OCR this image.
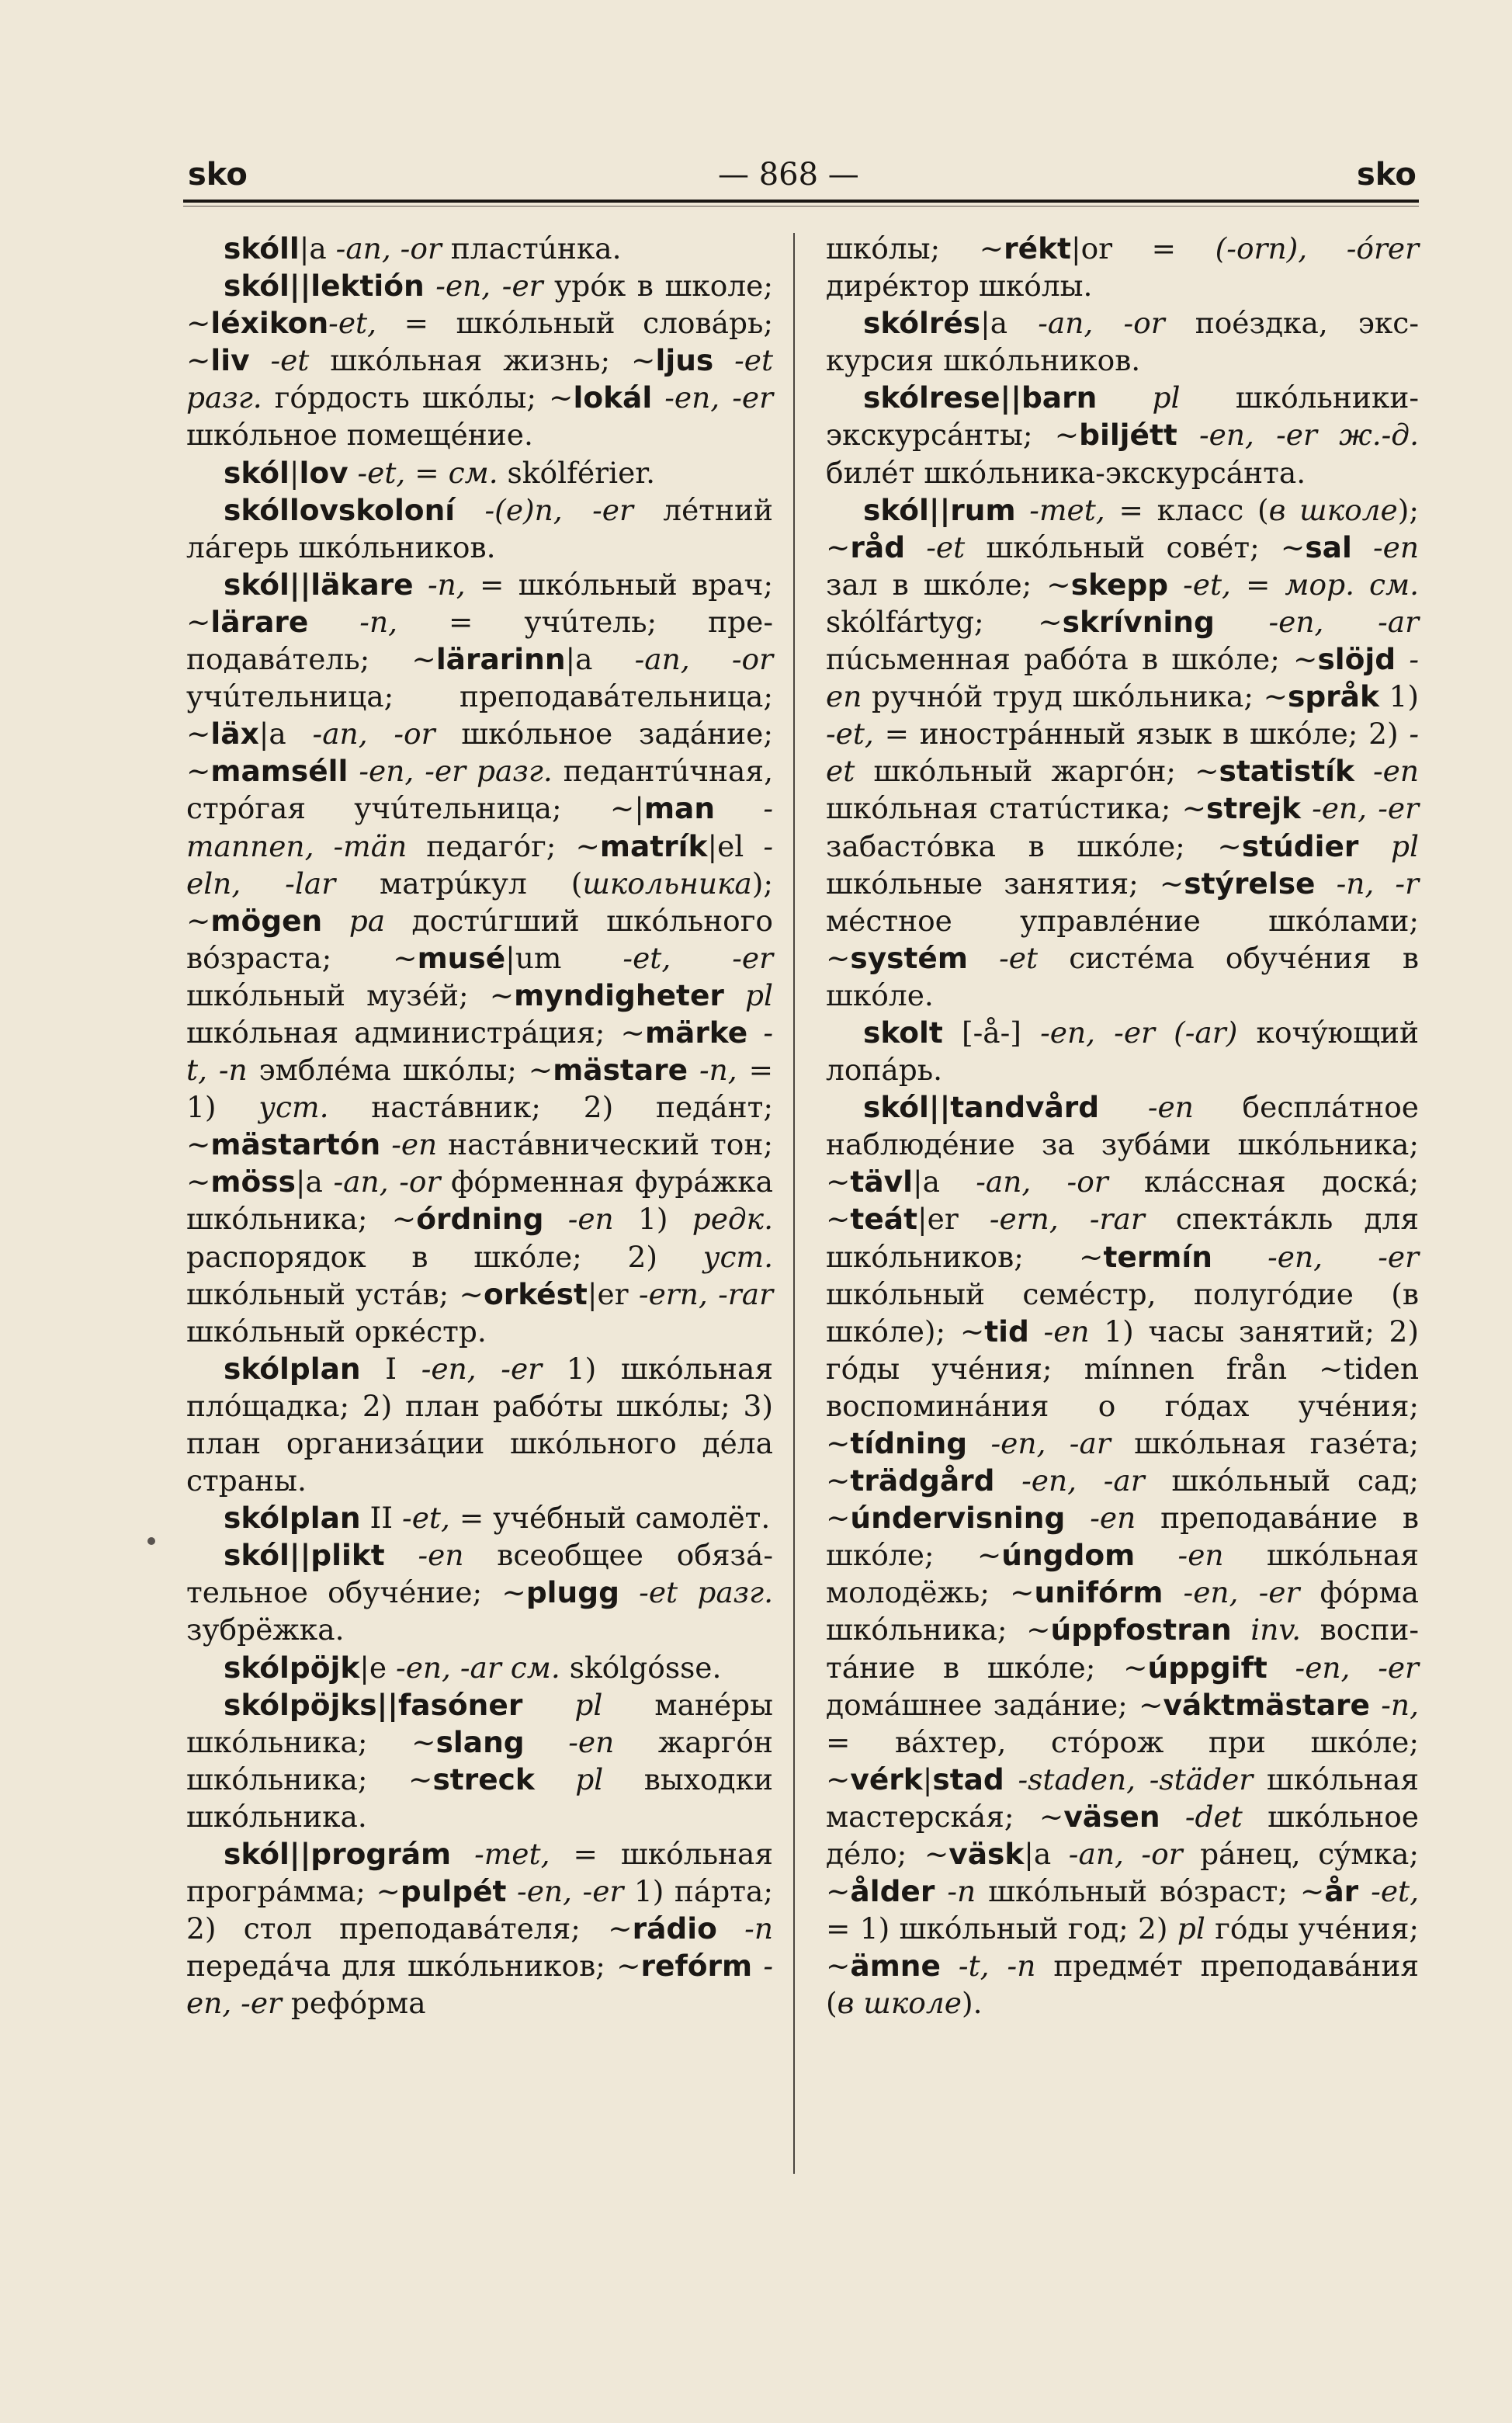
sko	— 868 —	sko

skóll|a -an, -or пластúнка.

skól||lektión -en, -er урóк в школе; ~léxikon-et, = шкóльный словáрь; ~liv -et шкóльная жизнь; ~ljus -et разг. гóрдость шкóлы; ~lokál -en, -er шкóльное помещéние.

skól|lov -et, = см. skólférier.

skóllovskoloní -(e)n, -er лéтний лáгерь шкóльников.

skól||läkare -n, = шкóльный врач; ~lärare -n, = учúтель; преподавáтель; ~lärarinn|a -an, -or учúтельница; преподавáтельница; ~läx|a -an, -or шкóльное задáние; ~mamséll -en, -er разг. педантúчная, стрóгая учúтельница; ~|man -mannen, -män педагóг; ~matrík|el -eln, -lar матрúкул (школьника); ~mögen ра достúгший шкóльного вóзраста; ~musé|um -et, -er шкóльный музéй; ~myndigheter pl шкóльная администрáция; ~märke -t, -n эмблéма шкóлы; ~mästare -n, = 1) уст. настáвник; 2) педáнт; ~mästartón -en настáвнический тон; ~möss|a -an, -or фóрменная фурáжка шкóльника; ~órdning -en 1) редк. распорядок в шкóле; 2) уст. шкóльный устáв; ~orkést|er -ern, -rar шкóльный оркéстр.

skólplan I -en, -er 1) шкóльная плóщадка; 2) план рабóты шкóлы; 3) план организáции шкóльного дéла страны.

skólplan II -et, = учéбный самолёт.

skól||plikt -en всеобщее обязáтельное обучéние; ~plugg -et разг. зубрёжка.

skólpöjk|e -en, -ar см. skólgósse.

skólpöjks||fasóner pl манéры шкóльника; ~slang -en жаргóн шкóльника; ~streck pl выходки шкóльника.

skól||prográm -met, = шкóльная прогрáмма; ~pulpét -en, -er 1) пáрта; 2) стол преподавáтеля; ~rádio -n передáча для шкóльников; ~refórm -en, -er рефóрма

шкóлы; ~rékt|or = (-orn), -órer дирéктор шкóлы.

skólrés|a -an, -or поéздка, экскурсия шкóльников.

skólrese||barn pl шкóльники-экскурсáнты; ~biljétt -en, -er ж.-д. билéт шкóльника-экскурсáнта.

skól||rum -met, = класс (в школе); ~råd -et шкóльный совéт; ~sal -en зал в шкóле; ~skepp -et, = мор. см. skólfártyg; ~skrívning -en, -ar пúсьменная рабóта в шкóле; ~slöjd -en ручнóй труд шкóльника; ~språk 1) -et, = инострáнный язык в шкóле; 2) -et шкóльный жаргóн; ~statistík -en шкóльная статúстика; ~strejk -en, -er забастóвка в шкóле; ~stúdier pl шкóльные занятия; ~stýrelse -n, -r мéстное управлéние шкóлами; ~systém -et систéма обучéния в шкóле.

skolt [-å-] -en, -er (-ar) кочýющий лопáрь.

skól||tandvård -en бесплáтное наблюдéние за зубáми шкóльника; ~tävl|a -an, -or клáссная доскá; ~teát|er -ern, -rar спектáкль для шкóльников; ~termín -en, -er шкóльный семéстр, полугóдие (в шкóле); ~tid -en 1) часы занятий; 2) гóды учéния; mínnen från ~tiden воспоминáния о гóдах учéния; ~tídning -en, -ar шкóльная газéта; ~trädgård -en, -ar шкóльный сад; ~úndervisning -en преподавáние в шкóле; ~úngdom -en шкóльная молодёжь; ~unifórm -en, -er фóрма шкóльника; ~úppfostran inv. воспитáние в шкóле; ~úppgift -en, -er домáшнее задáние; ~váktmästare -n, = вáхтер, стóрож при шкóле; ~vérk|stad -staden, -städer шкóльная мастерскáя; ~väsen -det шкóльное дéло; ~väsk|a -an, -or рáнец, сýмка; ~ålder -n шкóльный вóзраст; ~år -et, = 1) шкóльный год; 2) pl гóды учéния; ~ämne -t, -n предмéт преподавáния (в школе).
